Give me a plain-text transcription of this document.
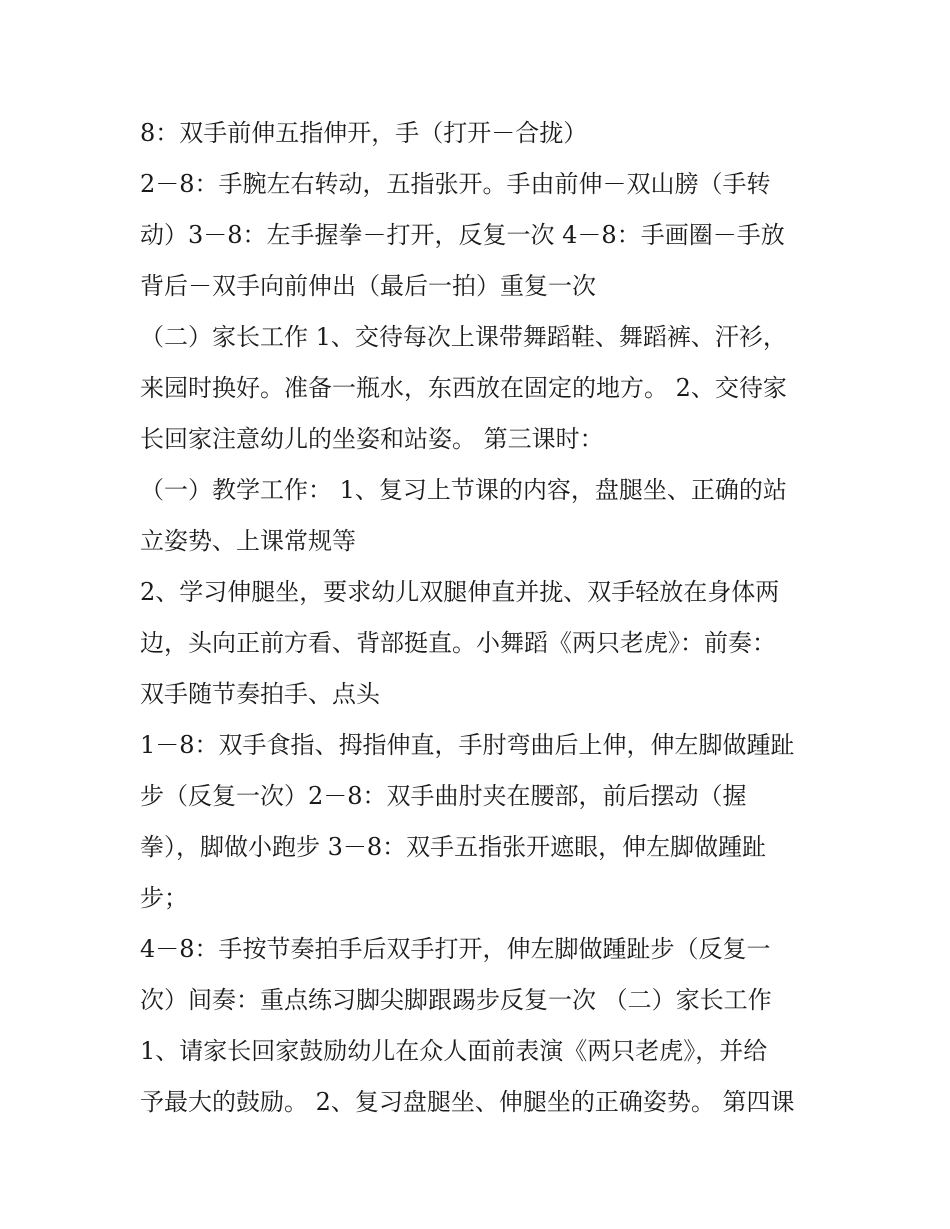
8：双手前伸五指伸开，手（打开－合拢）
2－8：手腕左右转动，五指张开。手由前伸－双山膀（手转
动）3－8：左手握拳－打开，反复一次 4－8：手画圈－手放
背后－双手向前伸出（最后一拍）重复一次
（二）家长工作 1、交待每次上课带舞蹈鞋、舞蹈裤、汗衫，
来园时换好。准备一瓶水，东西放在固定的地方。 2、交待家
长回家注意幼儿的坐姿和站姿。 第三课时：
（一）教学工作： 1、复习上节课的内容，盘腿坐、正确的站
立姿势、上课常规等
2、学习伸腿坐，要求幼儿双腿伸直并拢、双手轻放在身体两
边，头向正前方看、背部挺直。小舞蹈《两只老虎》：前奏：
双手随节奏拍手、点头
1－8：双手食指、拇指伸直，手肘弯曲后上伸，伸左脚做踵趾
步（反复一次）2－8：双手曲肘夹在腰部，前后摆动（握
拳），脚做小跑步 3－8：双手五指张开遮眼，伸左脚做踵趾
步；
4－8：手按节奏拍手后双手打开，伸左脚做踵趾步（反复一
次）间奏：重点练习脚尖脚跟踢步反复一次 （二）家长工作
1、请家长回家鼓励幼儿在众人面前表演《两只老虎》，并给
予最大的鼓励。 2、复习盘腿坐、伸腿坐的正确姿势。 第四课
